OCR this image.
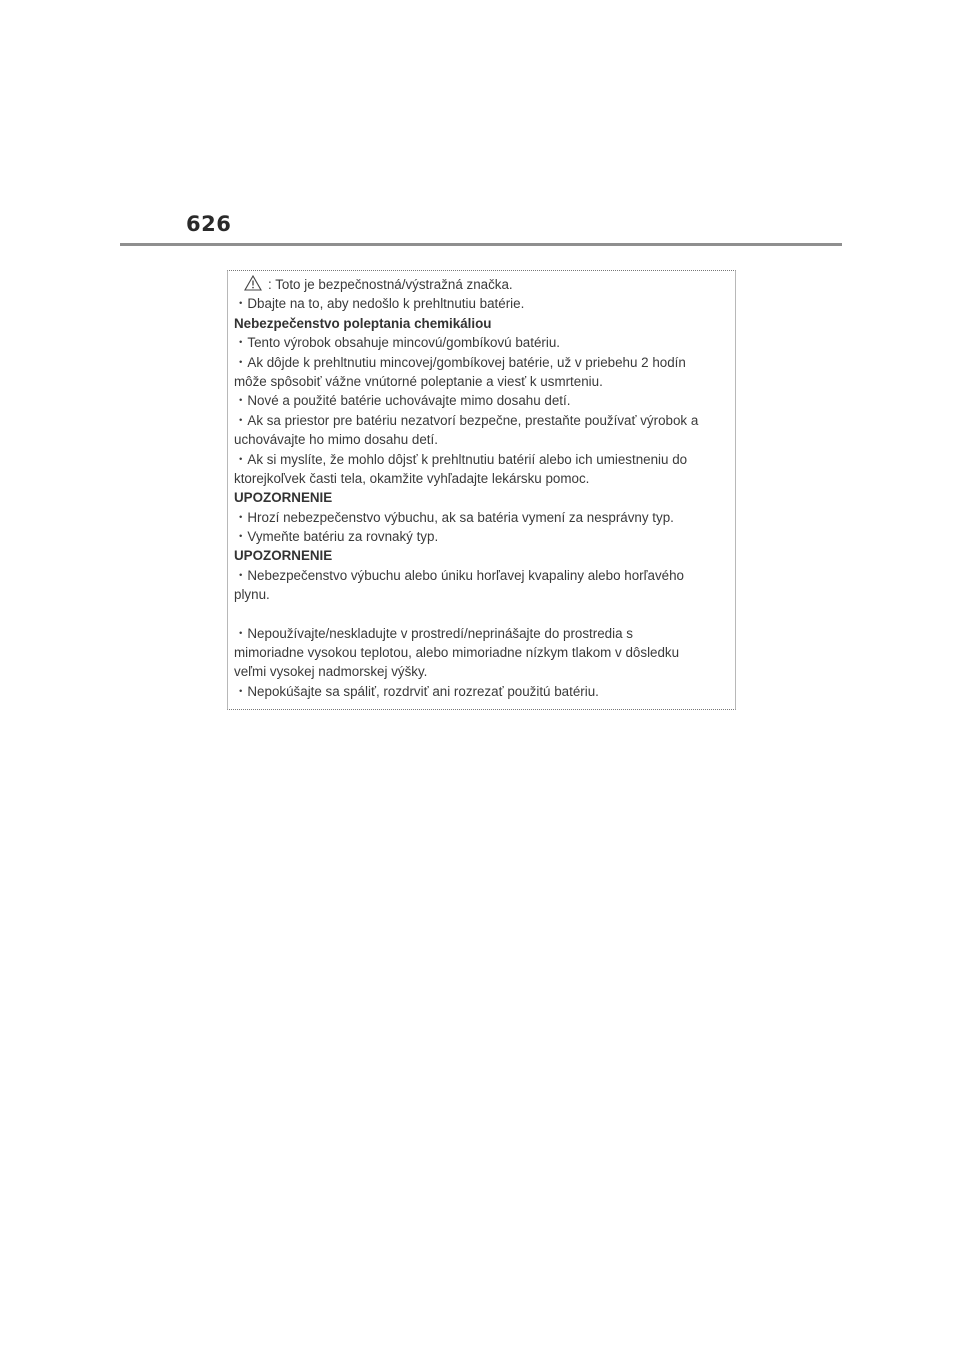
626
: Toto je bezpečnostná/výstražná značka.
・Dbajte na to, aby nedošlo k prehltnutiu batérie.
Nebezpečenstvo poleptania chemikáliou
・Tento výrobok obsahuje mincovú/gombíkovú batériu.
・Ak dôjde k prehltnutiu mincovej/gombíkovej batérie, už v priebehu 2 hodín
môže spôsobiť vážne vnútorné poleptanie a viesť k usmrteniu.
・Nové a použité batérie uchovávajte mimo dosahu detí.
・Ak sa priestor pre batériu nezatvorí bezpečne, prestaňte používať výrobok a
uchovávajte ho mimo dosahu detí.
・Ak si myslíte, že mohlo dôjsť k prehltnutiu batérií alebo ich umiestneniu do
ktorejkoľvek časti tela, okamžite vyhľadajte lekársku pomoc.
UPOZORNENIE
・Hrozí nebezpečenstvo výbuchu, ak sa batéria vymení za nesprávny typ.
・Vymeňte batériu za rovnaký typ.
UPOZORNENIE
・Nebezpečenstvo výbuchu alebo úniku horľavej kvapaliny alebo horľavého
plynu.
・Nepoužívajte/neskladujte v prostredí/neprinášajte do prostredia s
mimoriadne vysokou teplotou, alebo mimoriadne nízkym tlakom v dôsledku
veľmi vysokej nadmorskej výšky.
・Nepokúšajte sa spáliť, rozdrviť ani rozrezať použitú batériu.
